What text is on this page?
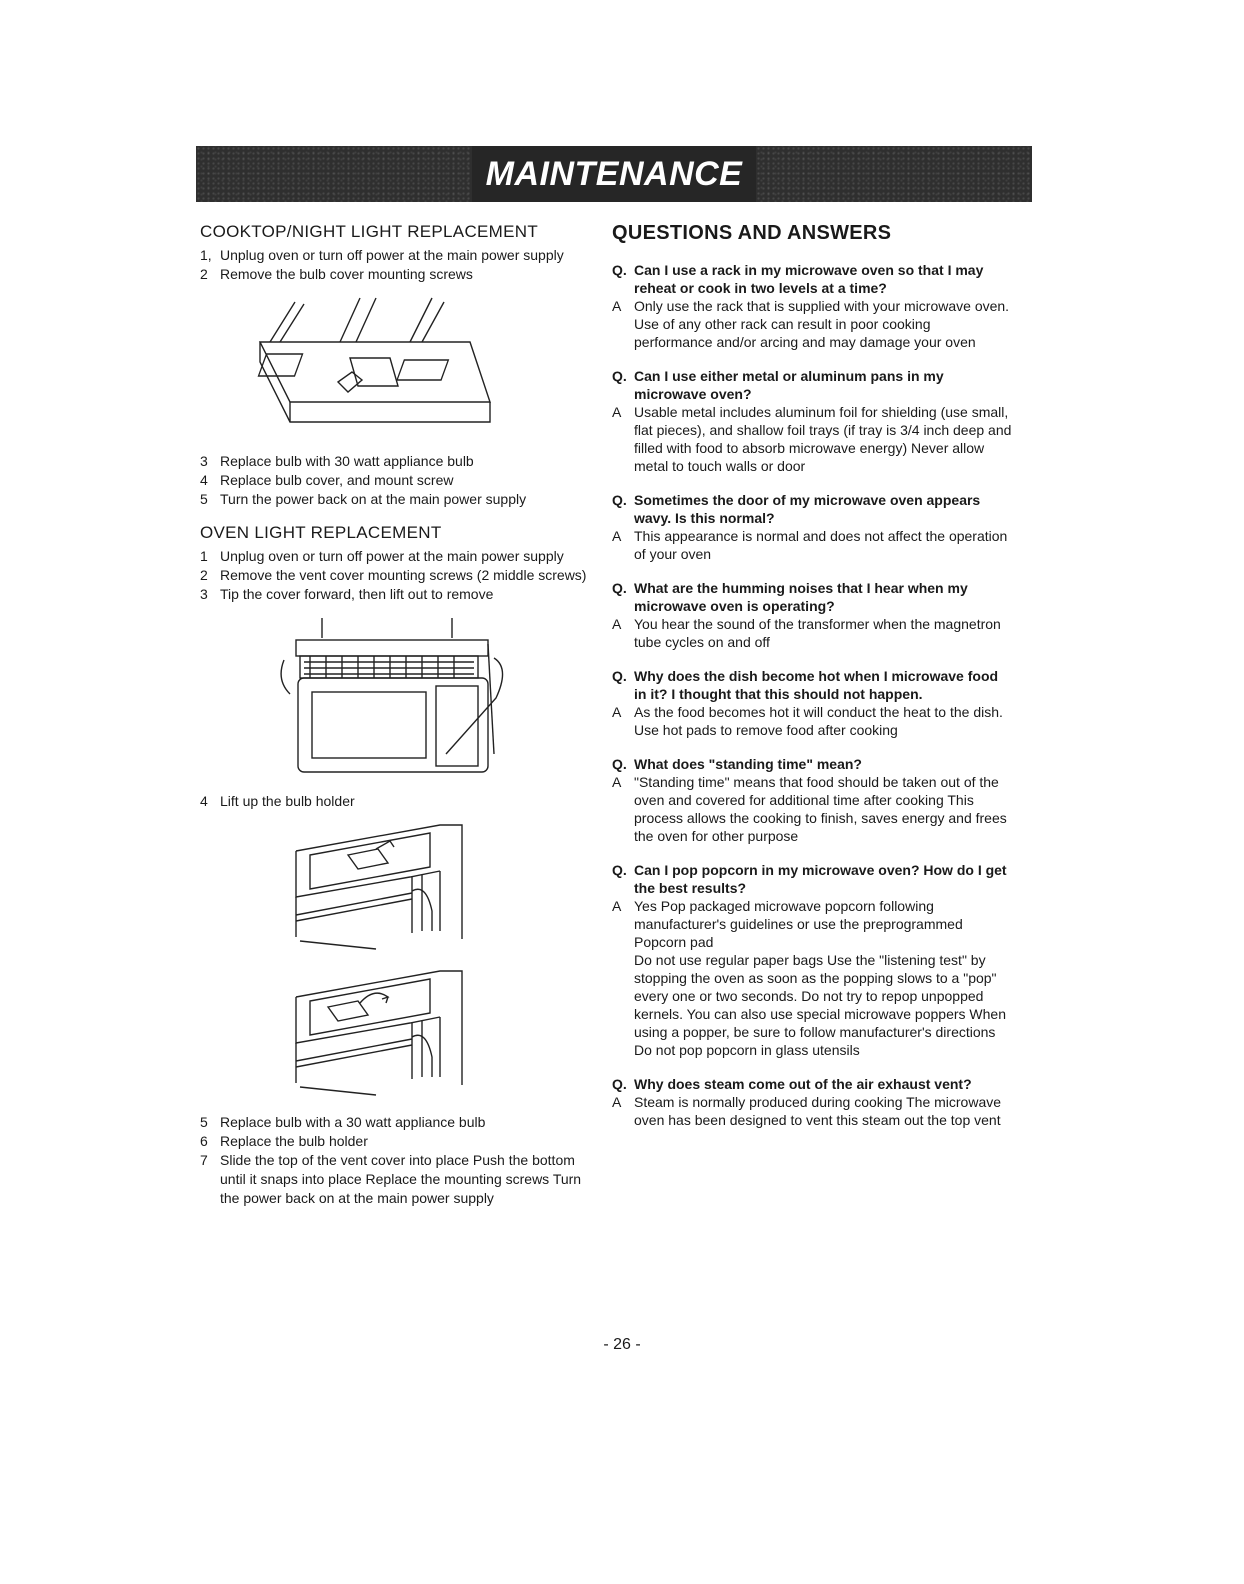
MAINTENANCE
COOKTOP/NIGHT LIGHT REPLACEMENT
1, Unplug oven or turn off power at the main power supply
2 Remove the bulb cover mounting screws
3 Replace bulb with 30 watt appliance bulb
4 Replace bulb cover, and mount screw
5 Turn the power back on at the main power supply
OVEN LIGHT REPLACEMENT
1 Unplug oven or turn off power at the main power supply
2 Remove the vent cover mounting screws (2 middle screws)
3 Tip the cover forward, then lift out to remove
4 Lift up the bulb holder
5 Replace bulb with a 30 watt appliance bulb
6 Replace the bulb holder
7 Slide the top of the vent cover into place Push the bottom until it snaps into place Replace the mounting screws Turn the power back on at the main power supply
QUESTIONS AND ANSWERS
Q. Can I use a rack in my microwave oven so that I may reheat or cook in two levels at a time?
A Only use the rack that is supplied with your microwave oven. Use of any other rack can result in poor cooking performance and/or arcing and may damage your oven

Q. Can I use either metal or aluminum pans in my microwave oven?
A Usable metal includes aluminum foil for shielding (use small, flat pieces), and shallow foil trays (if tray is 3/4 inch deep and filled with food to absorb microwave energy) Never allow metal to touch walls or door

Q. Sometimes the door of my microwave oven appears wavy. Is this normal?
A This appearance is normal and does not affect the operation of your oven

Q. What are the humming noises that I hear when my microwave oven is operating?
A You hear the sound of the transformer when the magnetron tube cycles on and off

Q. Why does the dish become hot when I microwave food in it? I thought that this should not happen.
A As the food becomes hot it will conduct the heat to the dish. Use hot pads to remove food after cooking

Q. What does "standing time" mean?
A "Standing time" means that food should be taken out of the oven and covered for additional time after cooking This process allows the cooking to finish, saves energy and frees the oven for other purpose

Q. Can I pop popcorn in my microwave oven? How do I get the best results?
A Yes Pop packaged microwave popcorn following manufacturer's guidelines or use the preprogrammed Popcorn pad

Do not use regular paper bags Use the "listening test" by stopping the oven as soon as the popping slows to a "pop" every one or two seconds. Do not try to repop unpopped kernels. You can also use special microwave poppers When using a popper, be sure to follow manufacturer's directions Do not pop popcorn in glass utensils

Q. Why does steam come out of the air exhaust vent?
A Steam is normally produced during cooking The microwave oven has been designed to vent this steam out the top vent

- 26 -
